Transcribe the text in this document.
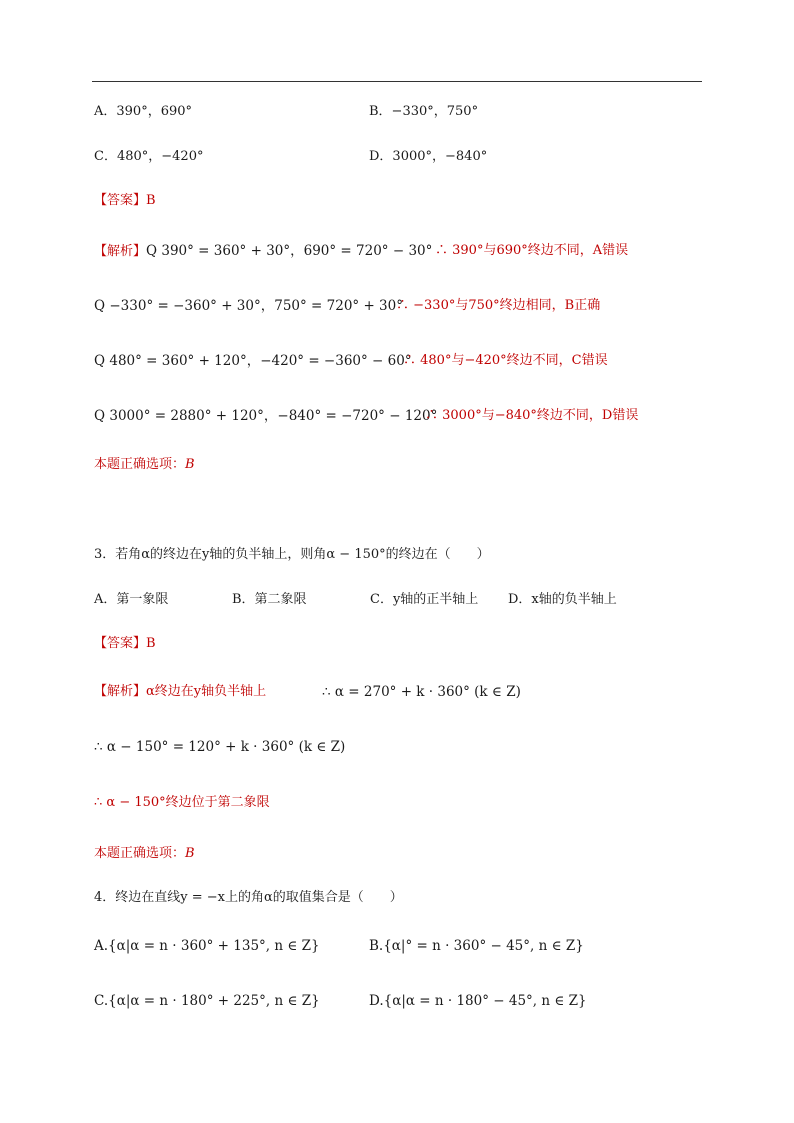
A．390°，690°	B．−330°，750°
C．480°，−420°	D．3000°，−840°
【答案】B
【解析】Q 390° = 360° + 30°，690° = 720° − 30° ∴ 390°与690°终边不同，A错误
Q −330° = −360° + 30°，750° = 720° + 30°
∴ −330°与750°终边相同，B正确
Q 480° = 360° + 120°，−420° = −360° − 60°
∴ 480°与−420°终边不同，C错误
Q 3000° = 2880° + 120°，−840° = −720° − 120°
∴ 3000°与−840°终边不同，D错误
本题正确选项：B
3．若角α的终边在y轴的负半轴上，则角α − 150°的终边在（　　）
A．第一象限	B．第二象限	C．y轴的正半轴上 D．x轴的负半轴上
【答案】B
【解析】α终边在y轴负半轴上	∴ α = 270° + k · 360° (k ∈ Z)
∴ α − 150° = 120° + k · 360° (k ∈ Z)
∴ α − 150°终边位于第二象限
本题正确选项：B
4．终边在直线y = −x上的角α的取值集合是（　　）
A.{α|α = n · 360° + 135°, n ∈ Z}	B.{α|° = n · 360° − 45°, n ∈ Z}
C.{α|α = n · 180° + 225°, n ∈ Z}	D.{α|α = n · 180° − 45°, n ∈ Z}
